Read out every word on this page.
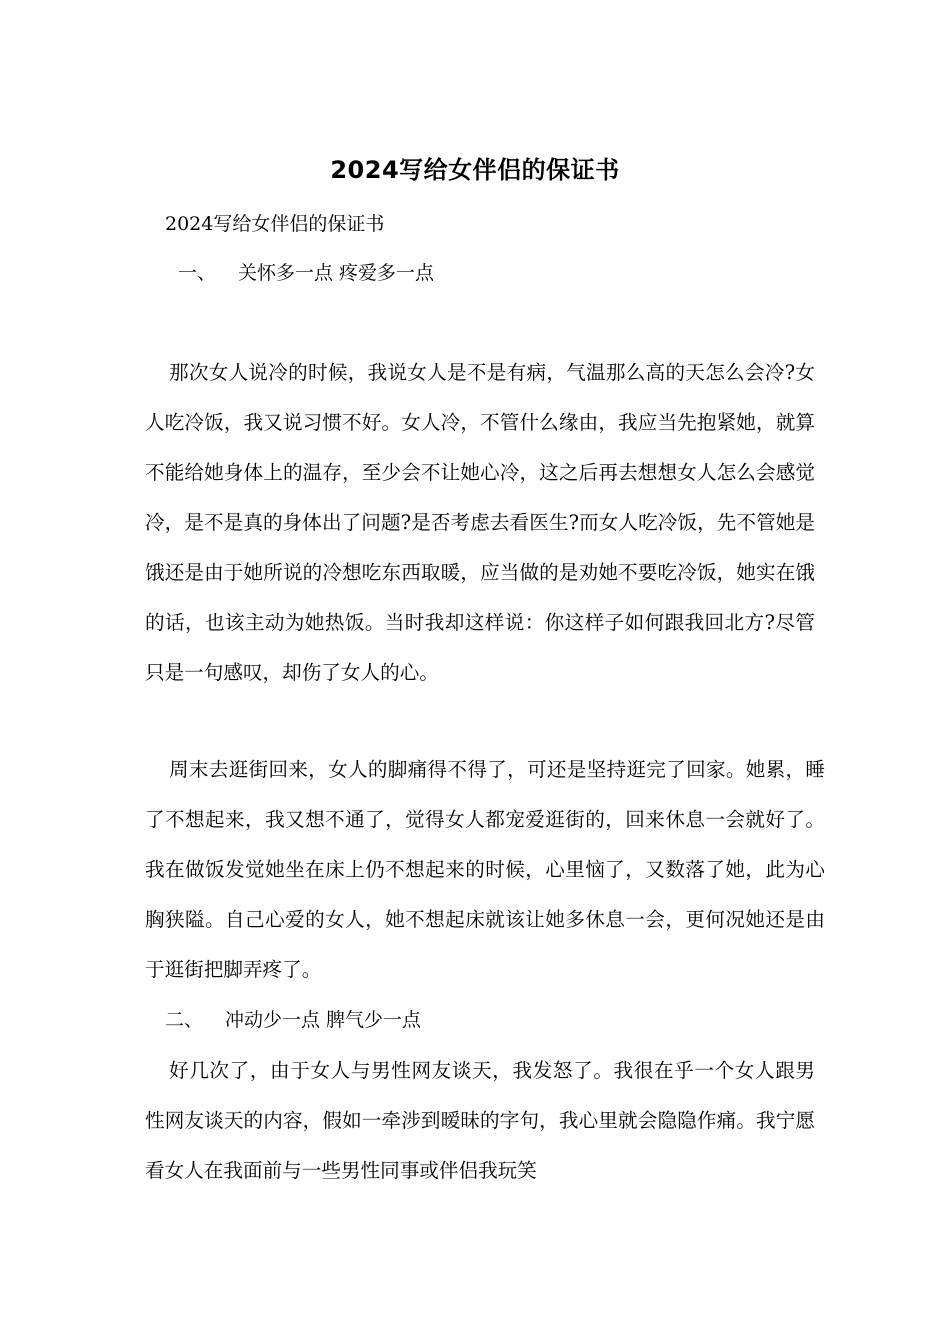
2024写给女伴侣的保证书

2024写给女伴侣的保证书

一、 关怀多一点 疼爱多一点

那次女人说冷的时候，我说女人是不是有病，气温那么高的天怎么会冷?女人吃冷饭，我又说习惯不好。女人冷，不管什么缘由，我应当先抱紧她，就算不能给她身体上的温存，至少会不让她心冷，这之后再去想想女人怎么会感觉冷，是不是真的身体出了问题?是否考虑去看医生?而女人吃冷饭，先不管她是饿还是由于她所说的冷想吃东西取暖，应当做的是劝她不要吃冷饭，她实在饿的话，也该主动为她热饭。当时我却这样说：你这样子如何跟我回北方?尽管只是一句感叹，却伤了女人的心。

周末去逛街回来，女人的脚痛得不得了，可还是坚持逛完了回家。她累，睡了不想起来，我又想不通了，觉得女人都宠爱逛街的，回来休息一会就好了。我在做饭发觉她坐在床上仍不想起来的时候，心里恼了，又数落了她，此为心胸狭隘。自己心爱的女人，她不想起床就该让她多休息一会，更何况她还是由于逛街把脚弄疼了。

二、 冲动少一点 脾气少一点

好几次了，由于女人与男性网友谈天，我发怒了。我很在乎一个女人跟男性网友谈天的内容，假如一牵涉到暧昧的字句，我心里就会隐隐作痛。我宁愿看女人在我面前与一些男性同事或伴侣我玩笑
